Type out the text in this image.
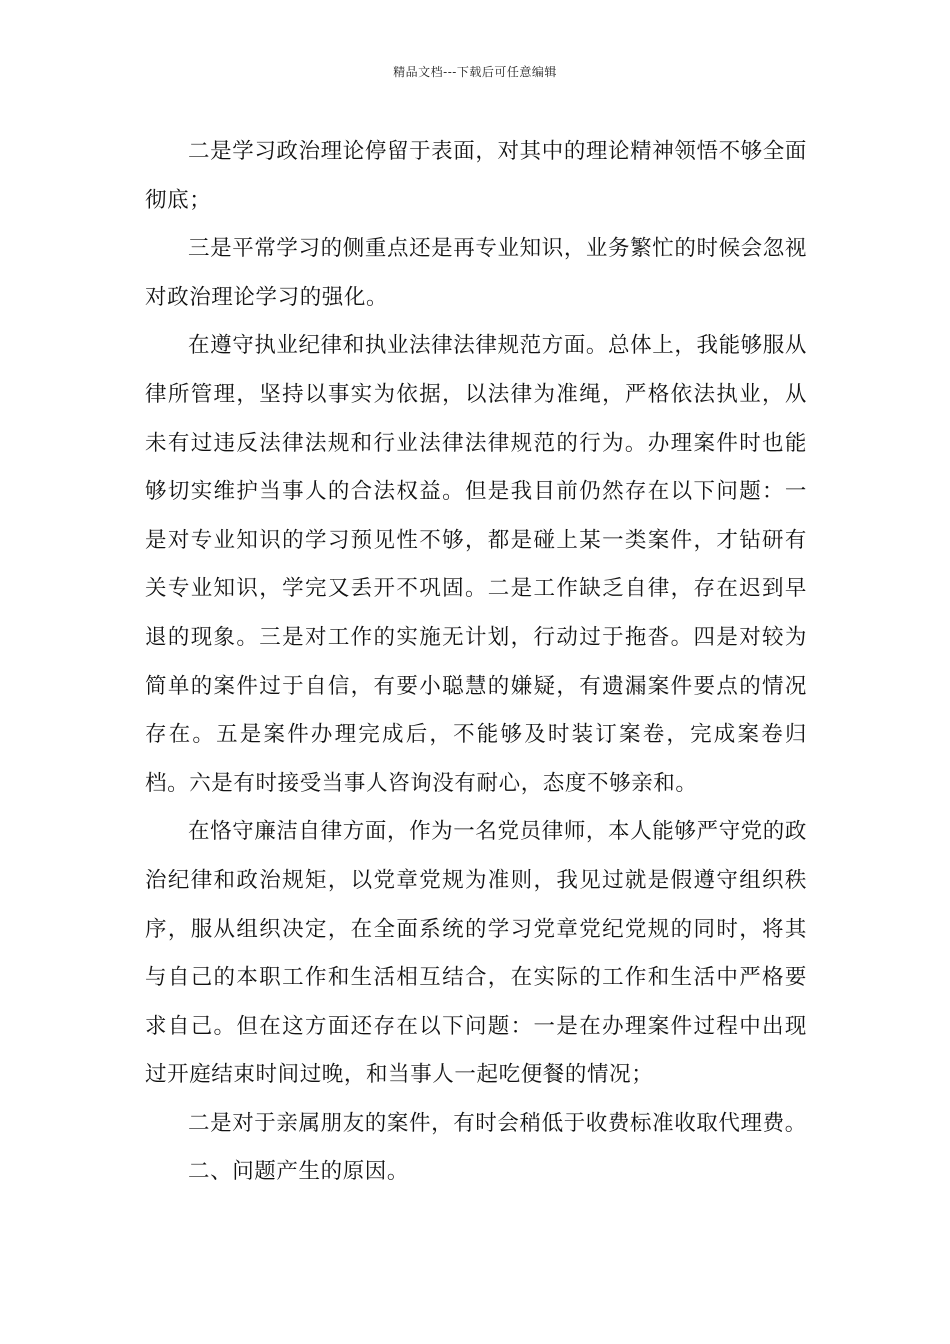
精品文档---下载后可任意编辑

二是学习政治理论停留于表面，对其中的理论精神领悟不够全面彻底；

三是平常学习的侧重点还是再专业知识，业务繁忙的时候会忽视对政治理论学习的强化。

在遵守执业纪律和执业法律法律规范方面。总体上，我能够服从律所管理，坚持以事实为依据，以法律为准绳，严格依法执业，从未有过违反法律法规和行业法律法律规范的行为。办理案件时也能够切实维护当事人的合法权益。但是我目前仍然存在以下问题：一是对专业知识的学习预见性不够，都是碰上某一类案件，才钻研有关专业知识，学完又丢开不巩固。二是工作缺乏自律，存在迟到早退的现象。三是对工作的实施无计划，行动过于拖沓。四是对较为简单的案件过于自信，有要小聪慧的嫌疑，有遗漏案件要点的情况存在。五是案件办理完成后，不能够及时装订案卷，完成案卷归档。六是有时接受当事人咨询没有耐心，态度不够亲和。

在恪守廉洁自律方面，作为一名党员律师，本人能够严守党的政治纪律和政治规矩，以党章党规为准则，我见过就是假遵守组织秩序，服从组织决定，在全面系统的学习党章党纪党规的同时，将其与自己的本职工作和生活相互结合，在实际的工作和生活中严格要求自己。但在这方面还存在以下问题：一是在办理案件过程中出现过开庭结束时间过晚，和当事人一起吃便餐的情况；

二是对于亲属朋友的案件，有时会稍低于收费标准收取代理费。

二、问题产生的原因。
